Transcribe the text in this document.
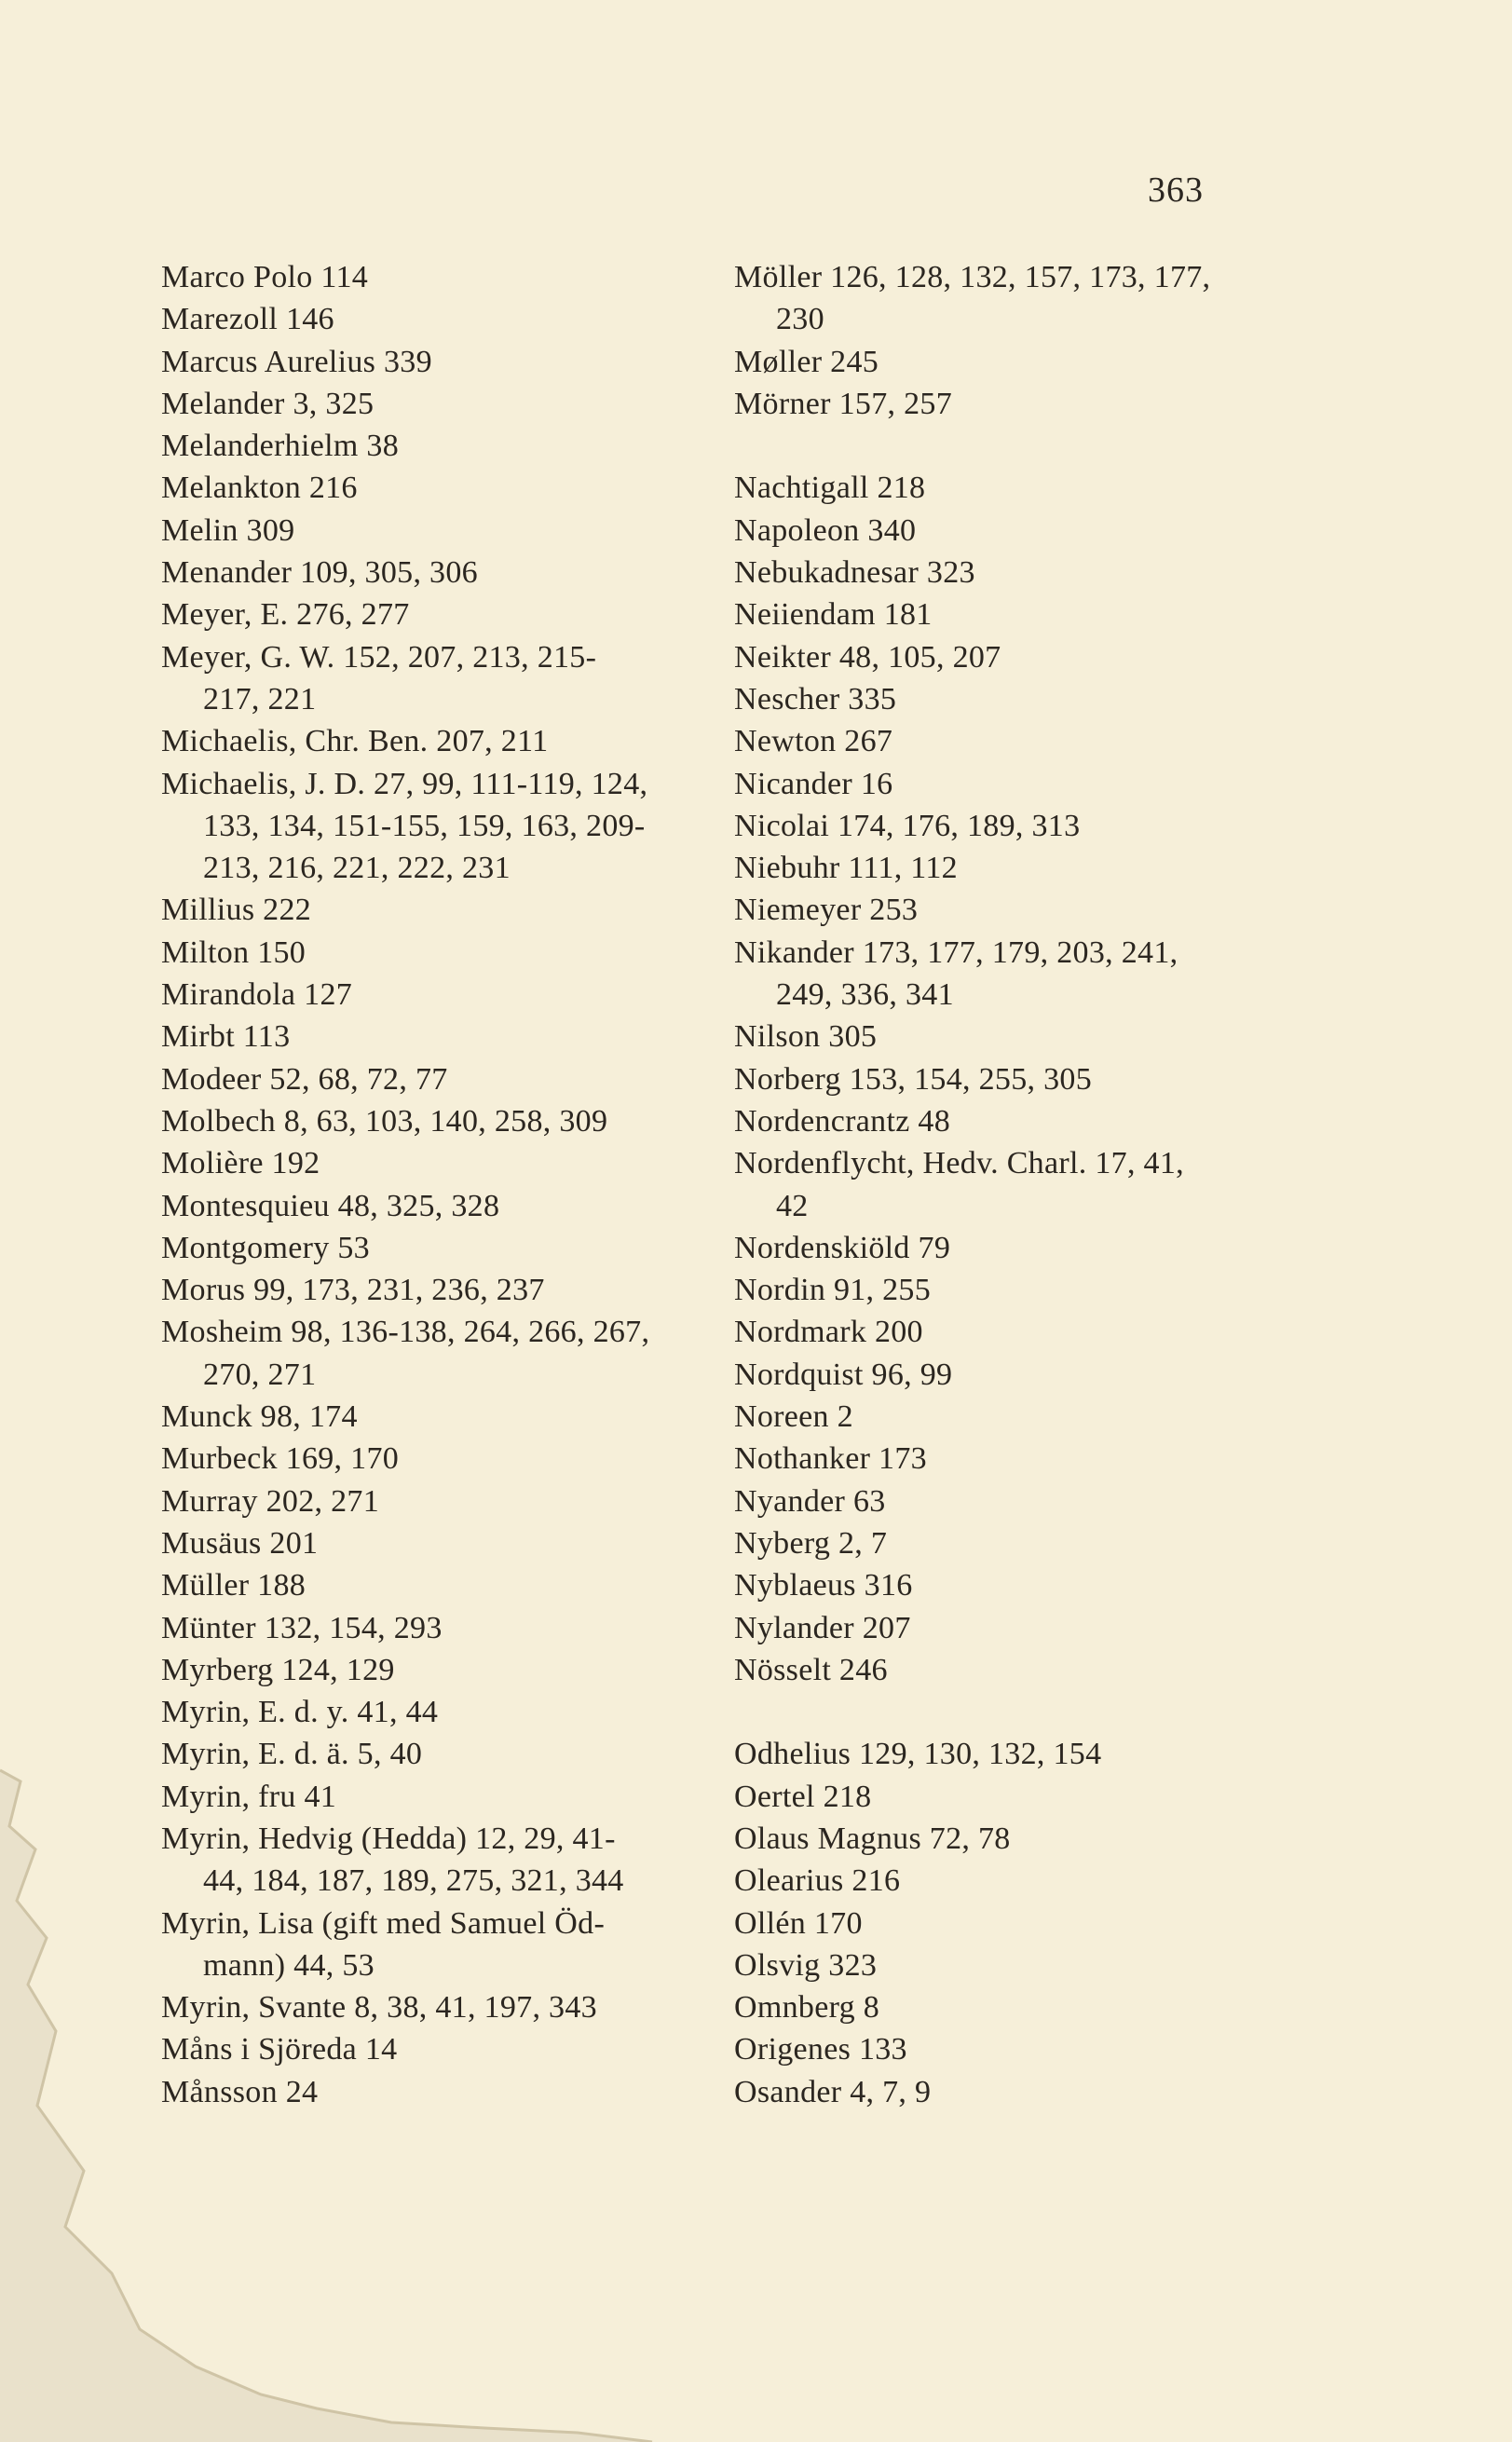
363
Marco Polo 114
Marezoll 146
Marcus Aurelius 339
Melander 3, 325
Melanderhielm 38
Melankton 216
Melin 309
Menander 109, 305, 306
Meyer, E. 276, 277
Meyer, G. W. 152, 207, 213, 215-
217, 221
Michaelis, Chr. Ben. 207, 211
Michaelis, J. D. 27, 99, 111-119, 124,
133, 134, 151-155, 159, 163, 209-
213, 216, 221, 222, 231
Millius 222
Milton 150
Mirandola 127
Mirbt 113
Modeer 52, 68, 72, 77
Molbech 8, 63, 103, 140, 258, 309
Molière 192
Montesquieu 48, 325, 328
Montgomery 53
Morus 99, 173, 231, 236, 237
Mosheim 98, 136-138, 264, 266, 267,
270, 271
Munck 98, 174
Murbeck 169, 170
Murray 202, 271
Musäus 201
Müller 188
Münter 132, 154, 293
Myrberg 124, 129
Myrin, E. d. y. 41, 44
Myrin, E. d. ä. 5, 40
Myrin, fru 41
Myrin, Hedvig (Hedda) 12, 29, 41-
44, 184, 187, 189, 275, 321, 344
Myrin, Lisa (gift med Samuel Öd-
mann) 44, 53
Myrin, Svante 8, 38, 41, 197, 343
Måns i Sjöreda 14
Månsson 24
Möller 126, 128, 132, 157, 173, 177,
230
Møller 245
Mörner 157, 257
Nachtigall 218
Napoleon 340
Nebukadnesar 323
Neiiendam 181
Neikter 48, 105, 207
Nescher 335
Newton 267
Nicander 16
Nicolai 174, 176, 189, 313
Niebuhr 111, 112
Niemeyer 253
Nikander 173, 177, 179, 203, 241,
249, 336, 341
Nilson 305
Norberg 153, 154, 255, 305
Nordencrantz 48
Nordenflycht, Hedv. Charl. 17, 41,
42
Nordenskiöld 79
Nordin 91, 255
Nordmark 200
Nordquist 96, 99
Noreen 2
Nothanker 173
Nyander 63
Nyberg 2, 7
Nyblaeus 316
Nylander 207
Nösselt 246
Odhelius 129, 130, 132, 154
Oertel 218
Olaus Magnus 72, 78
Olearius 216
Ollén 170
Olsvig 323
Omnberg 8
Origenes 133
Osander 4, 7, 9
